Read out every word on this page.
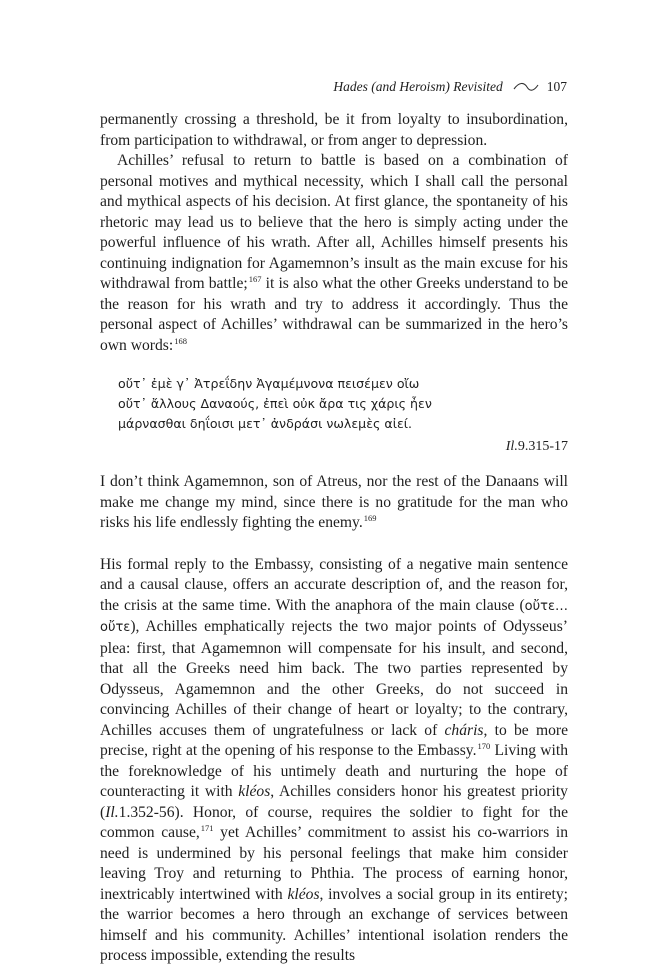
Hades (and Heroism) Revisited	107

permanently crossing a threshold, be it from loyalty to insubordination, from participation to withdrawal, or from anger to depression.

Achilles’ refusal to return to battle is based on a combination of personal motives and mythical necessity, which I shall call the personal and mythical aspects of his decision. At first glance, the spontaneity of his rhetoric may lead us to believe that the hero is simply acting under the powerful influence of his wrath. After all, Achilles himself presents his continuing indignation for Agamemnon’s insult as the main excuse for his withdrawal from battle;$^{167}$ it is also what the other Greeks understand to be the reason for his wrath and try to address it accordingly. Thus the personal aspect of Achilles’ withdrawal can be summarized in the hero’s own words:$^{168}$

οὔτ᾽ ἐμὲ γ᾽ Ἀτρεΐδην Ἀγαμέμνονα πεισέμεν οἴω
οὔτ᾽ ἄλλους Δαναούς, ἐπεὶ οὐκ ἄρα τις χάρις ἦεν
μάρνασθαι δηΐοισι μετ᾽ ἀνδράσι νωλεμὲς αἰεί.
Il.9.315-17

I don’t think Agamemnon, son of Atreus, nor the rest of the Danaans will make me change my mind, since there is no gratitude for the man who risks his life endlessly fighting the enemy.$^{169}$

His formal reply to the Embassy, consisting of a negative main sentence and a causal clause, offers an accurate description of, and the reason for, the crisis at the same time. With the anaphora of the main clause (οὔτε…οὔτε), Achilles emphatically rejects the two major points of Odysseus’ plea: first, that Agamemnon will compensate for his insult, and second, that all the Greeks need him back. The two parties represented by Odysseus, Agamemnon and the other Greeks, do not succeed in convincing Achilles of their change of heart or loyalty; to the contrary, Achilles accuses them of ungratefulness or lack of cháris, to be more precise, right at the opening of his response to the Embassy.$^{170}$ Living with the foreknowledge of his untimely death and nurturing the hope of counteracting it with kléos, Achilles considers honor his greatest priority (Il.1.352-56). Honor, of course, requires the soldier to fight for the common cause,$^{171}$ yet Achilles’ commitment to assist his co-warriors in need is undermined by his personal feelings that make him consider leaving Troy and returning to Phthia. The process of earning honor, inextricably intertwined with kléos, involves a social group in its entirety; the warrior becomes a hero through an exchange of services between himself and his community. Achilles’ intentional isolation renders the process impossible, extending the results
